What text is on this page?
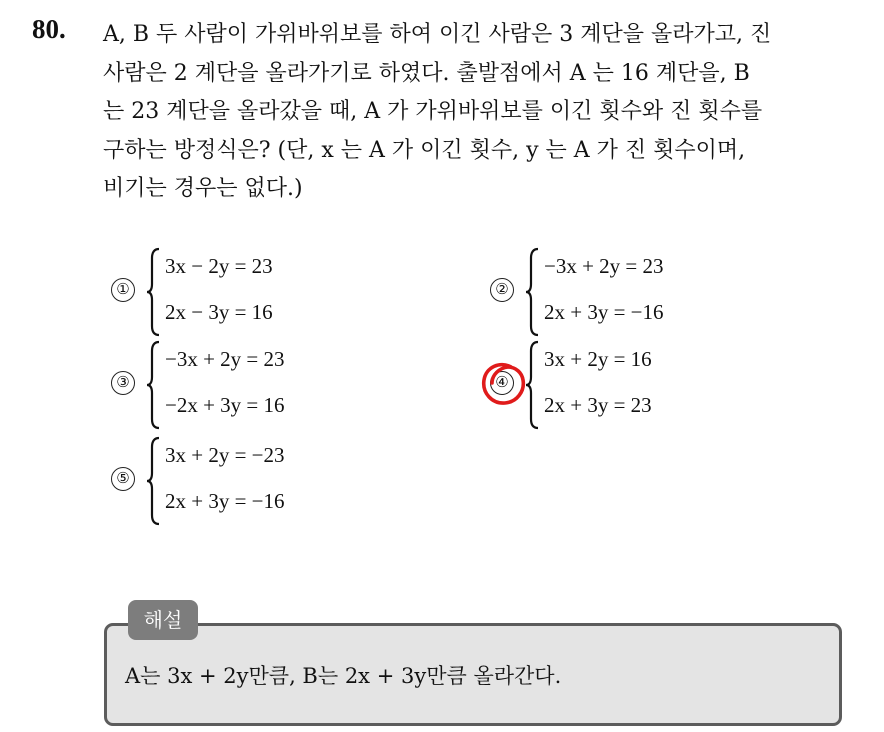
80. A, B 두 사람이 가위바위보를 하여 이긴 사람은 3 계단을 올라가고, 진
사람은 2 계단을 올라가기로 하였다. 출발점에서 A 는 16 계단을, B
는 23 계단을 올라갔을 때, A 가 가위바위보를 이긴 횟수와 진 횟수를
구하는 방정식은? (단, x 는 A 가 이긴 횟수, y 는 A 가 진 횟수이며,
비기는 경우는 없다.)

①
3x − 2y = 23
2x − 3y = 16
②
−3x + 2y = 23
2x + 3y = −16
③
−3x + 2y = 23
−2x + 3y = 16
④
3x + 2y = 16
2x + 3y = 23
⑤
3x + 2y = −23
2x + 3y = −16
해설
A는 3x + 2y만큼, B는 2x + 3y만큼 올라간다.
